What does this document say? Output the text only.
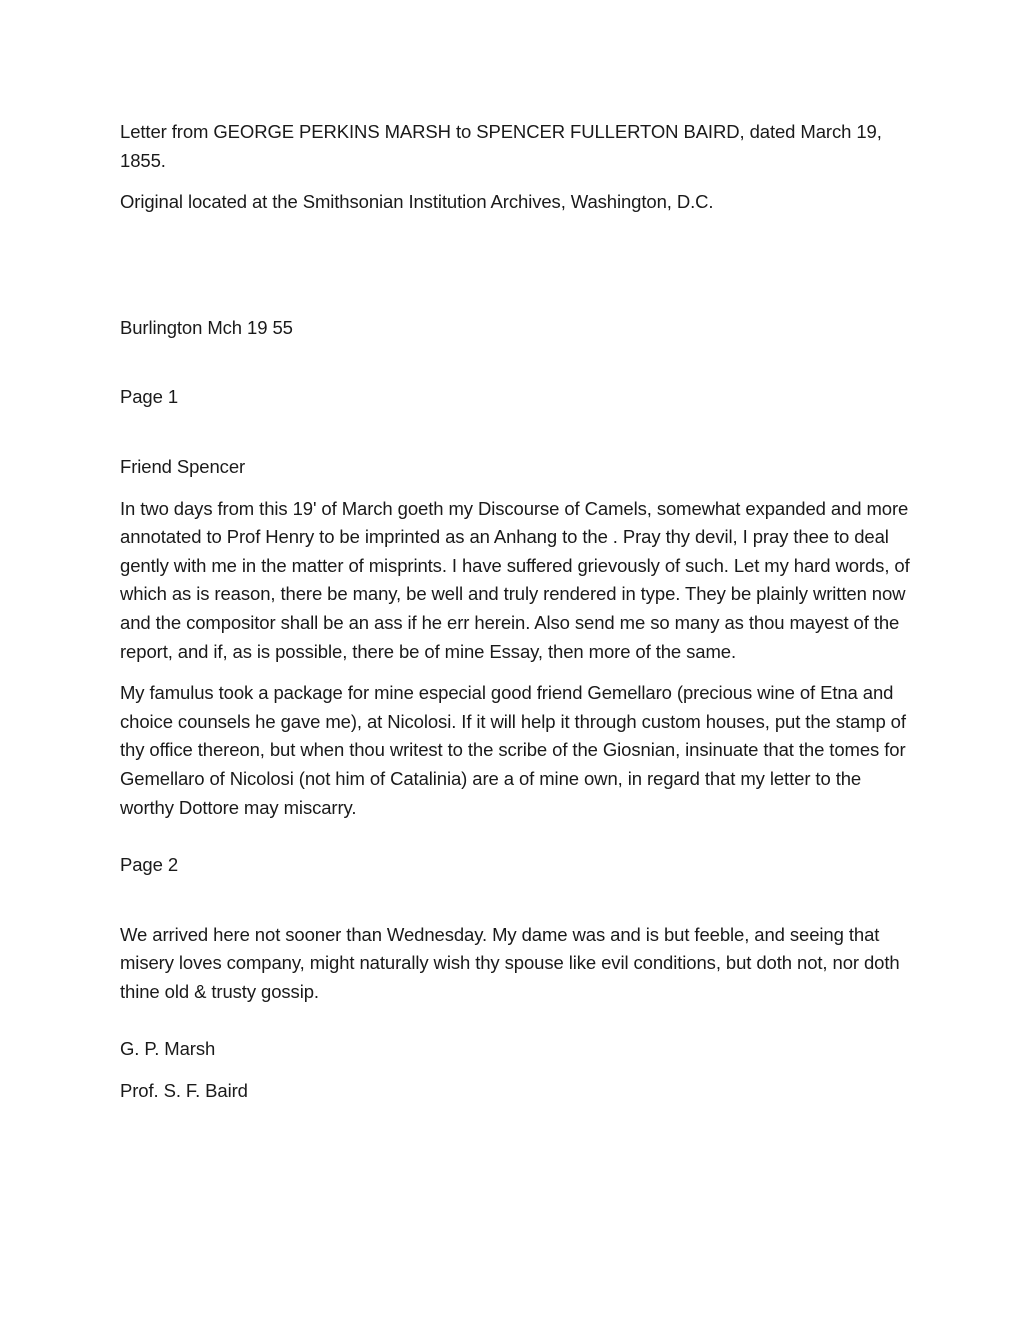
Letter from GEORGE PERKINS MARSH to SPENCER FULLERTON BAIRD, dated March 19, 1855.

Original located at the Smithsonian Institution Archives, Washington, D.C.

Burlington Mch 19 55

Page 1

Friend Spencer

In two days from this 19' of March goeth my Discourse of Camels, somewhat expanded and more annotated to Prof Henry to be imprinted as an Anhang to the . Pray thy devil, I pray thee to deal gently with me in the matter of misprints. I have suffered grievously of such. Let my hard words, of which as is reason, there be many, be well and truly rendered in type. They be plainly written now and the compositor shall be an ass if he err herein. Also send me so many as thou mayest of the report, and if, as is possible, there be of mine Essay, then more of the same.

My famulus took a package for mine especial good friend Gemellaro (precious wine of Etna and choice counsels he gave me), at Nicolosi. If it will help it through custom houses, put the stamp of thy office thereon, but when thou writest to the scribe of the Giosnian, insinuate that the tomes for Gemellaro of Nicolosi (not him of Catalinia) are a of mine own, in regard that my letter to the worthy Dottore may miscarry.

Page 2

We arrived here not sooner than Wednesday. My dame was and is but feeble, and seeing that misery loves company, might naturally wish thy spouse like evil conditions, but doth not, nor doth thine old & trusty gossip.

G. P. Marsh

Prof. S. F. Baird
